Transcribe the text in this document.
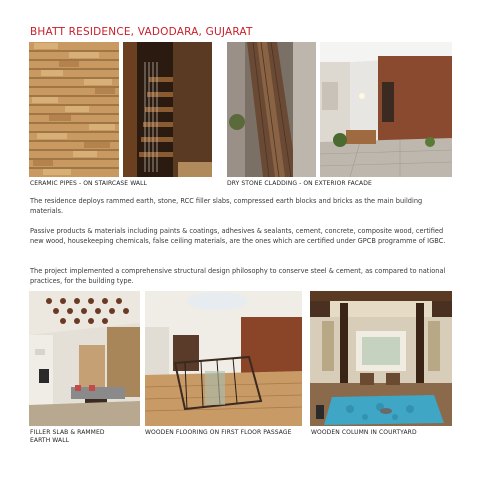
BHATT RESIDENCE, VADODARA, GUJARAT
CERAMIC PIPES - ON STAIRCASE WALL	DRY STONE CLADDING - ON EXTERIOR FACADE
The residence deploys rammed earth, stone, RCC filler slabs, compressed earth blocks and bricks as the main building materials.
Passive products & materials including paints & coatings, adhesives & sealants, cement, concrete, composite wood, certified new wood, housekeeping chemicals, false ceiling materials, are the ones which are certified under GPCB programme of IGBC.
The project implemented a comprehensive structural design philosophy to conserve steel & cement, as compared to national practices, for the building type.
FILLER SLAB & RAMMED EARTH WALL
WOODEN FLOORING ON FIRST FLOOR PASSAGE	WOODEN COLUMN IN COURTYARD
